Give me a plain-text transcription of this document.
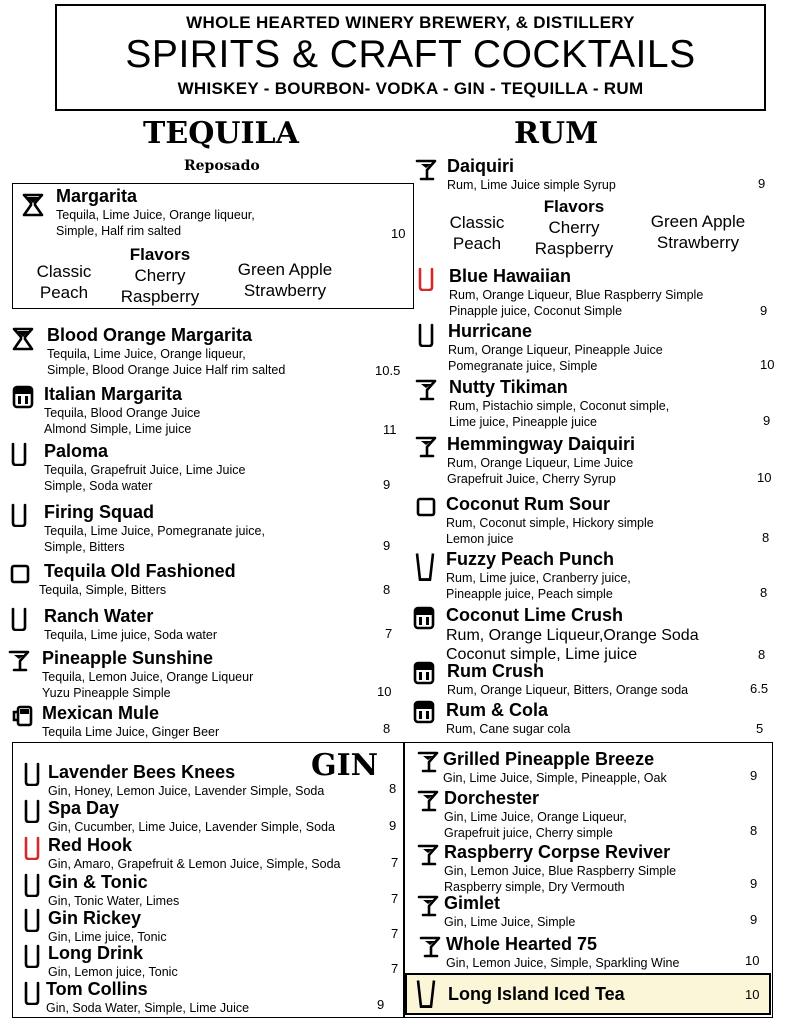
WHOLE HEARTED WINERY BREWERY, & DISTILLERY
SPIRITS & CRAFT COCKTAILS
WHISKEY - BOURBON- VODKA - GIN - TEQUILLA - RUM
TEQUILA
Reposado
Margarita
Tequila, Lime Juice, Orange liqueur,
Simple, Half rim salted	10
Classic
Peach
Flavors
Cherry
Raspberry
Green Apple
Strawberry
Blood Orange Margarita
Tequila, Lime Juice, Orange liqueur,
Simple, Blood Orange Juice Half rim salted	10.5
Italian Margarita
Tequila, Blood Orange Juice
Almond Simple, Lime juice	11
Paloma
Tequila, Grapefruit Juice, Lime Juice
Simple, Soda water	9
Firing Squad
Tequila, Lime Juice, Pomegranate juice,
Simple, Bitters	9
Tequila Old Fashioned
Tequila, Simple, Bitters	8
Ranch Water
Tequila, Lime juice, Soda water	7
Pineapple Sunshine
Tequila, Lemon Juice, Orange Liqueur
Yuzu Pineapple Simple	10
Mexican Mule
Tequila Lime Juice, Ginger Beer	8
RUM
Daiquiri
Rum, Lime Juice simple Syrup	9
Classic
Peach
Flavors
Cherry
Raspberry
Green Apple
Strawberry
Blue Hawaiian
Rum, Orange Liqueur, Blue Raspberry Simple
Pinapple juice, Coconut Simple	9
Hurricane
Rum, Orange Liqueur, Pineapple Juice
Pomegranate juice, Simple	10
Nutty Tikiman
Rum, Pistachio simple, Coconut simple,
Lime juice, Pineapple juice	9
Hemmingway Daiquiri
Rum, Orange Liqueur, Lime Juice
Grapefruit Juice, Cherry Syrup	10
Coconut Rum Sour
Rum, Coconut simple, Hickory simple
Lemon juice	8
Fuzzy Peach Punch
Rum, Lime juice, Cranberry juice,
Pineapple juice, Peach simple	8
Coconut Lime Crush
Rum, Orange Liqueur,Orange Soda
Coconut simple, Lime juice	8
Rum Crush
Rum, Orange Liqueur, Bitters, Orange soda	6.5
Rum & Cola
Rum, Cane sugar cola	5
GIN
Lavender Bees Knees
Gin, Honey, Lemon Juice, Lavender Simple, Soda	8
Spa Day
Gin, Cucumber, Lime Juice, Lavender Simple, Soda	9
Red Hook
Gin, Amaro, Grapefruit & Lemon Juice, Simple, Soda	7
Gin & Tonic
Gin, Tonic Water, Limes	7
Gin Rickey
Gin, Lime juice, Tonic	7
Long Drink
Gin, Lemon juice, Tonic	7
Tom Collins
Gin, Soda Water, Simple, Lime Juice	9
Grilled Pineapple Breeze
Gin, Lime Juice, Simple, Pineapple, Oak	9
Dorchester
Gin, Lime Juice, Orange Liqueur,
Grapefruit juice, Cherry simple	8
Raspberry Corpse Reviver
Gin, Lemon Juice, Blue Raspberry Simple
Raspberry simple, Dry Vermouth	9
Gimlet
Gin, Lime Juice, Simple	9
Whole Hearted 75
Gin, Lemon Juice, Simple, Sparkling Wine	10
Long Island Iced Tea	10
